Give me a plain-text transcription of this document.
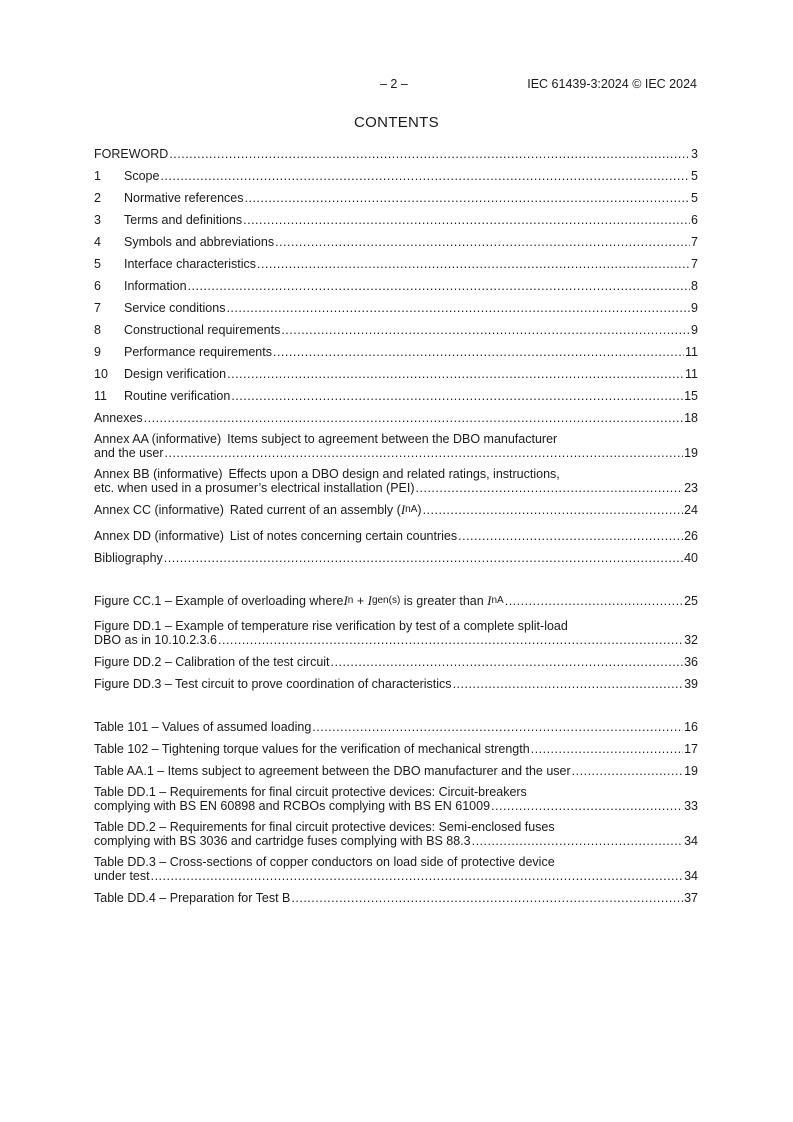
– 2 –	IEC 61439-3:2024 © IEC 2024
CONTENTS
FOREWORD .....	3
1	Scope .....	5
2	Normative references .....	5
3	Terms and definitions .....	6
4	Symbols and abbreviations .....	7
5	Interface characteristics .....	7
6	Information .....	8
7	Service conditions .....	9
8	Constructional requirements .....	9
9	Performance requirements .....	11
10	Design verification .....	11
11	Routine verification .....	15
Annexes .....	18
Annex AA (informative) Items subject to agreement between the DBO manufacturer
and the user .....	19
Annex BB (informative) Effects upon a DBO design and related ratings, instructions,
etc. when used in a prosumer’s electrical installation (PEI) .....	23
Annex CC (informative) Rated current of an assembly ( I nA ) .....	24
Annex DD (informative) List of notes concerning certain countries .....	26
Bibliography .....	40
Figure CC.1 – Example of overloading where I n + I gen(s) is greater than I nA .....	25
Figure DD.1 – Example of temperature rise verification by test of a complete split-load
DBO as in 10.10.2.3.6 .....	32
Figure DD.2 – Calibration of the test circuit .....	36
Figure DD.3 – Test circuit to prove coordination of characteristics .....	39
Table 101 – Values of assumed loading .....	16
Table 102 – Tightening torque values for the verification of mechanical strength .....	17
Table AA.1 – Items subject to agreement between the DBO manufacturer and the user .....	19
Table DD.1 – Requirements for final circuit protective devices: Circuit-breakers
complying with BS EN 60898 and RCBOs complying with BS EN 61009 .....	33
Table DD.2 – Requirements for final circuit protective devices: Semi-enclosed fuses
complying with BS 3036 and cartridge fuses complying with BS 88.3 .....	34
Table DD.3 – Cross-sections of copper conductors on load side of protective device
under test .....	34
Table DD.4 – Preparation for Test B .....	37
